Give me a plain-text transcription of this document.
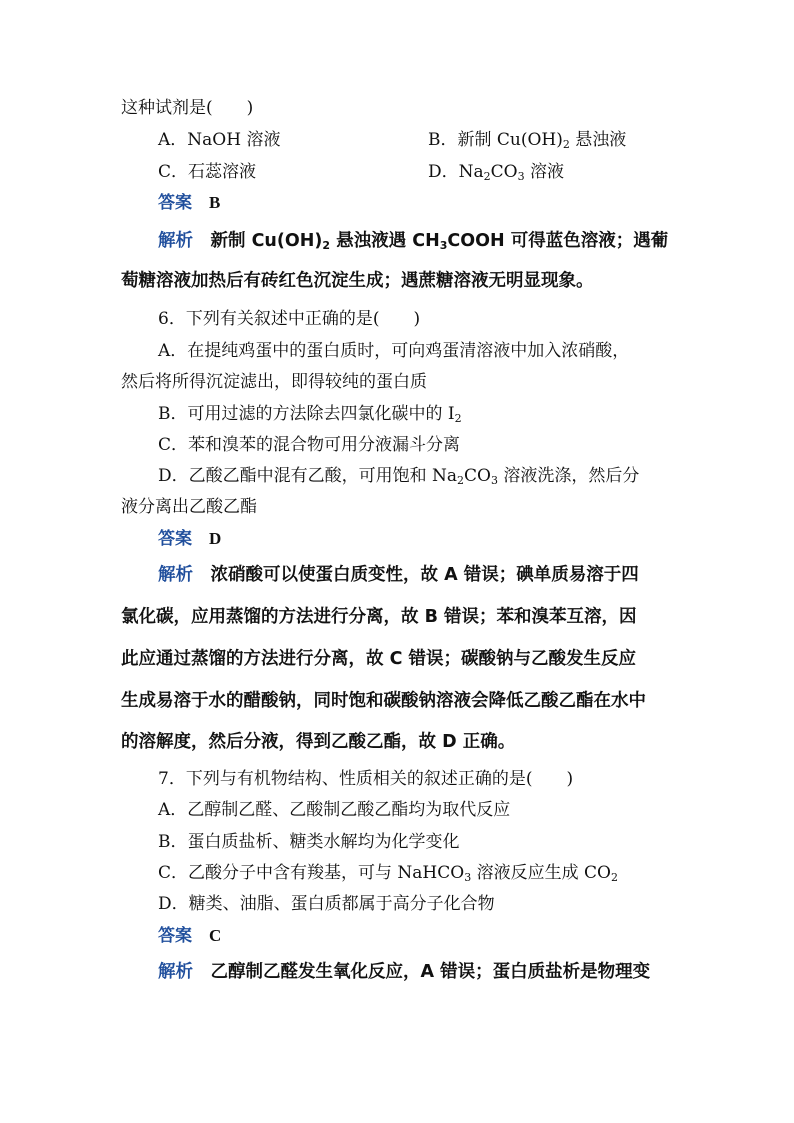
这种试剂是(　　)
A．NaOH 溶液	B．新制 $Cu(OH)_2$ 悬浊液
C．石蕊溶液	D．$Na_2CO_3$ 溶液
答案　 B
解析　 新制 $Cu(OH)_2$ 悬浊液遇 $CH_3COOH$ 可得蓝色溶液；遇葡
萄糖溶液加热后有砖红色沉淀生成；遇蔗糖溶液无明显现象。
6．下列有关叙述中正确的是(　　)
A．在提纯鸡蛋中的蛋白质时，可向鸡蛋清溶液中加入浓硝酸，
然后将所得沉淀滤出，即得较纯的蛋白质
B．可用过滤的方法除去四氯化碳中的 $I_2$
C．苯和溴苯的混合物可用分液漏斗分离
D．乙酸乙酯中混有乙酸，可用饱和 $Na_2CO_3$ 溶液洗涤，然后分
液分离出乙酸乙酯
答案　 D
解析　 浓硝酸可以使蛋白质变性，故 A 错误；碘单质易溶于四
氯化碳，应用蒸馏的方法进行分离，故 B 错误；苯和溴苯互溶，因
此应通过蒸馏的方法进行分离，故 C 错误；碳酸钠与乙酸发生反应
生成易溶于水的醋酸钠，同时饱和碳酸钠溶液会降低乙酸乙酯在水中
的溶解度，然后分液，得到乙酸乙酯，故 D 正确。
7．下列与有机物结构、性质相关的叙述正确的是(　　)
A．乙醇制乙醛、乙酸制乙酸乙酯均为取代反应
B．蛋白质盐析、糖类水解均为化学变化
C．乙酸分子中含有羧基，可与 NaHCO$_3$ 溶液反应生成 $CO_2$
D．糖类、油脂、蛋白质都属于高分子化合物
答案　 C
解析　 乙醇制乙醛发生氧化反应，A 错误；蛋白质盐析是物理变
